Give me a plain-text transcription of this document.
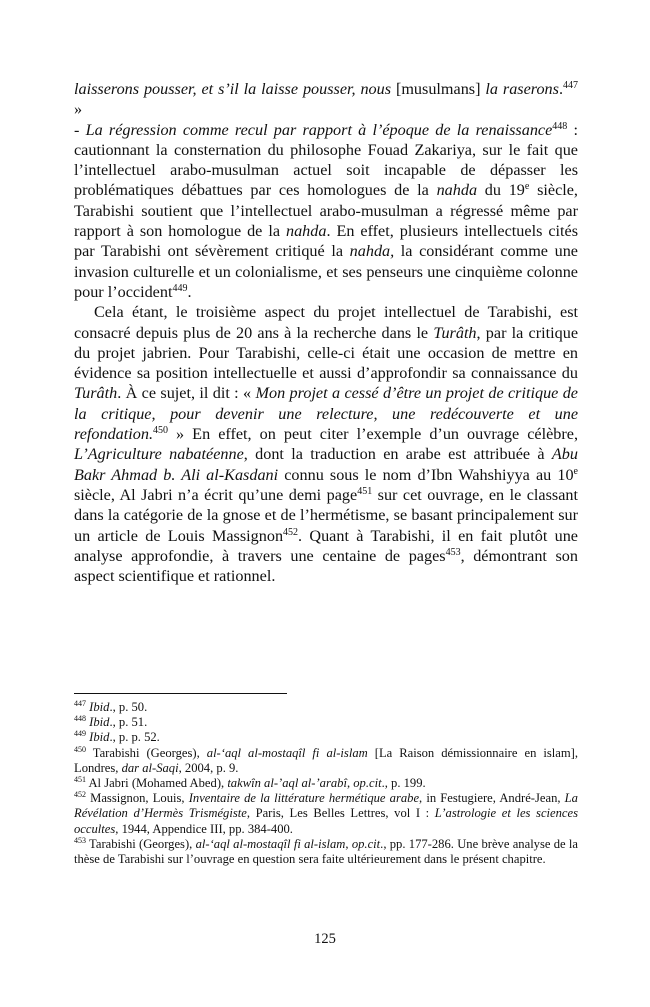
laisserons pousser, et s’il la laisse pousser, nous [musulmans] la raserons.$^{447}$ »

- La régression comme recul par rapport à l’époque de la renaissance$^{448}$ : cautionnant la consternation du philosophe Fouad Zakariya, sur le fait que l’intellectuel arabo-musulman actuel soit incapable de dépasser les problématiques débattues par ces homologues de la nahda du 19e siècle, Tarabishi soutient que l’intellectuel arabo-musulman a régressé même par rapport à son homologue de la nahda. En effet, plusieurs intellectuels cités par Tarabishi ont sévèrement critiqué la nahda, la considérant comme une invasion culturelle et un colonialisme, et ses penseurs une cinquième colonne pour l’occident$^{449}$.

Cela étant, le troisième aspect du projet intellectuel de Tarabishi, est consacré depuis plus de 20 ans à la recherche dans le Turâth, par la critique du projet jabrien. Pour Tarabishi, celle-ci était une occasion de mettre en évidence sa position intellectuelle et aussi d’approfondir sa connaissance du Turâth. À ce sujet, il dit : « Mon projet a cessé d’être un projet de critique de la critique, pour devenir une relecture, une redécouverte et une refondation.$^{450}$ » En effet, on peut citer l’exemple d’un ouvrage célèbre, L’Agriculture nabatéenne, dont la traduction en arabe est attribuée à Abu Bakr Ahmad b. Ali al-Kasdani connu sous le nom d’Ibn Wahshiyya au 10e siècle, Al Jabri n’a écrit qu’une demi page$^{451}$ sur cet ouvrage, en le classant dans la catégorie de la gnose et de l’hermétisme, se basant principalement sur un article de Louis Massignon$^{452}$. Quant à Tarabishi, il en fait plutôt une analyse approfondie, à travers une centaine de pages$^{453}$, démontrant son aspect scientifique et rationnel.

$^{447}$ Ibid., p. 50.

$^{448}$ Ibid., p. 51.

$^{449}$ Ibid., p. p. 52.

$^{450}$ Tarabishi (Georges), al-‘aql al-mostaqîl fi al-islam [La Raison démissionnaire en islam], Londres, dar al-Saqi, 2004, p. 9.

$^{451}$ Al Jabri (Mohamed Abed), takwîn al-’aql al-’arabî, op.cit., p. 199.

$^{452}$ Massignon, Louis, Inventaire de la littérature hermétique arabe, in Festugiere, André-Jean, La Révélation d’Hermès Trismégiste, Paris, Les Belles Lettres, vol I : L’astrologie et les sciences occultes, 1944, Appendice III, pp. 384-400.

$^{453}$ Tarabishi (Georges), al-‘aql al-mostaqîl fi al-islam, op.cit., pp. 177-286. Une brève analyse de la thèse de Tarabishi sur l’ouvrage en question sera faite ultérieurement dans le présent chapitre.

125
